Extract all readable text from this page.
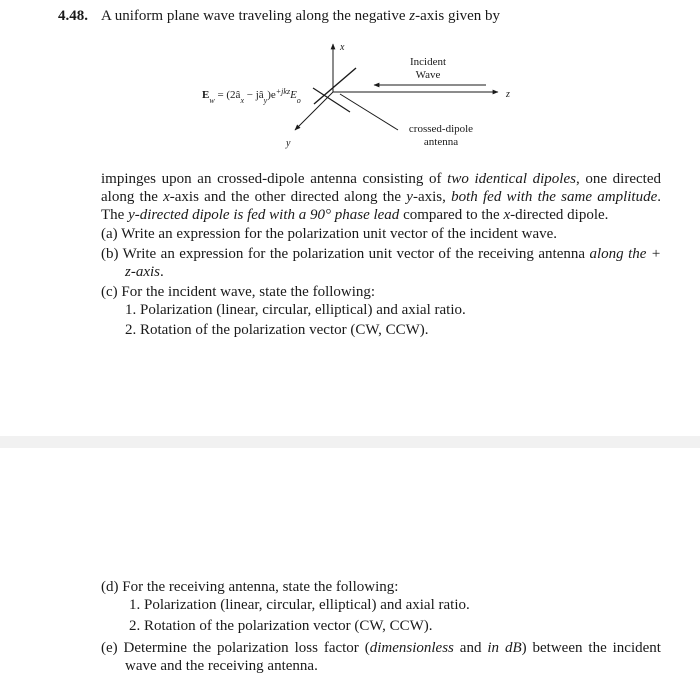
4.48. A uniform plane wave traveling along the negative z-axis given by
x
y
z
Incident
Wave
crossed-dipole
antenna
$E_w$ = ($2â_x$ − $jâ_y)e^{+jkz}E_o$

impinges upon an crossed-dipole antenna consisting of two identical dipoles, one directed along the x-axis and the other directed along the y-axis, both fed with the same amplitude. The y-directed dipole is fed with a 90° phase lead compared to the x-directed dipole.

(a) Write an expression for the polarization unit vector of the incident wave.

(b) Write an expression for the polarization unit vector of the receiving antenna along the + z-axis.

(c) For the incident wave, state the following:

1. Polarization (linear, circular, elliptical) and axial ratio.

2. Rotation of the polarization vector (CW, CCW).

(d) For the receiving antenna, state the following:

1. Polarization (linear, circular, elliptical) and axial ratio.

2. Rotation of the polarization vector (CW, CCW).

(e) Determine the polarization loss factor (dimensionless and in dB) between the incident wave and the receiving antenna.
